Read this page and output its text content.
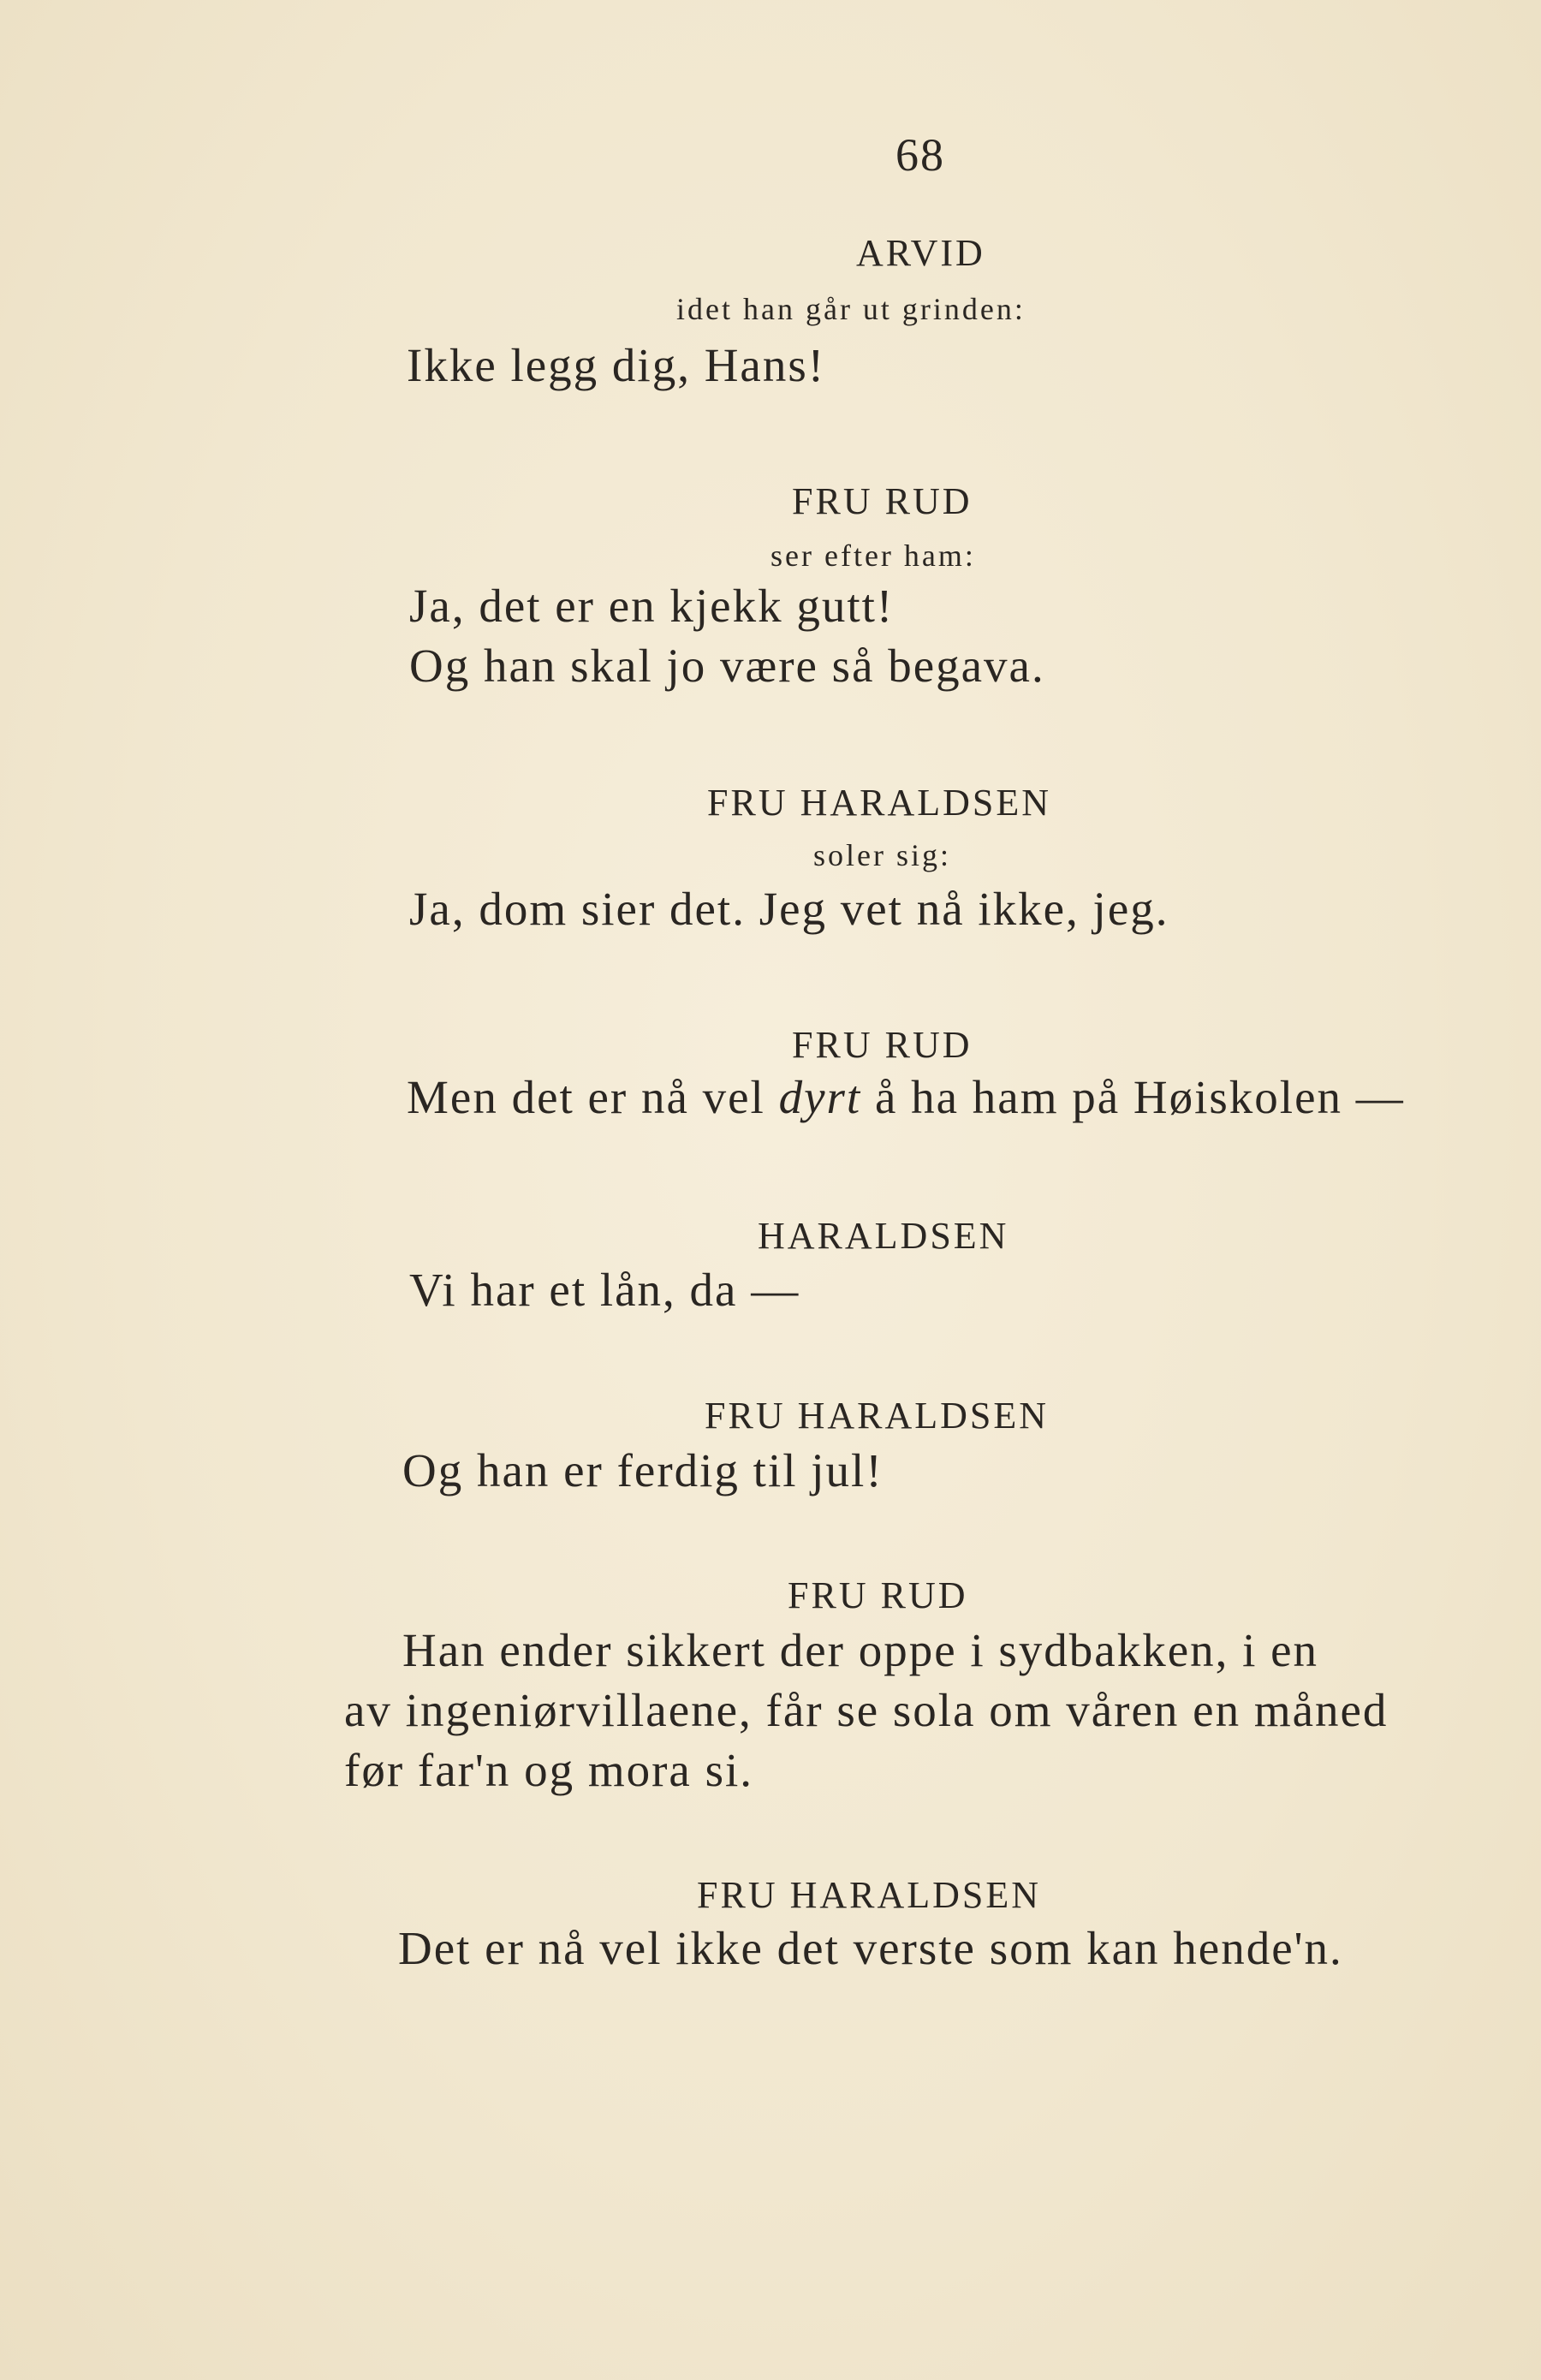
68
ARVID
idet han går ut grinden:
Ikke legg dig, Hans!
FRU RUD
ser efter ham:
Ja, det er en kjekk gutt!
Og han skal jo være så begava.
FRU HARALDSEN
soler sig:
Ja, dom sier det. Jeg vet nå ikke, jeg.
FRU RUD
Men det er nå vel dyrt å ha ham på Høiskolen —
HARALDSEN
Vi har et lån, da —
FRU HARALDSEN
Og han er ferdig til jul!
FRU RUD
Han ender sikkert der oppe i sydbakken, i en
av ingeniørvillaene, får se sola om våren en måned
før far'n og mora si.
FRU HARALDSEN
Det er nå vel ikke det verste som kan hende'n.
